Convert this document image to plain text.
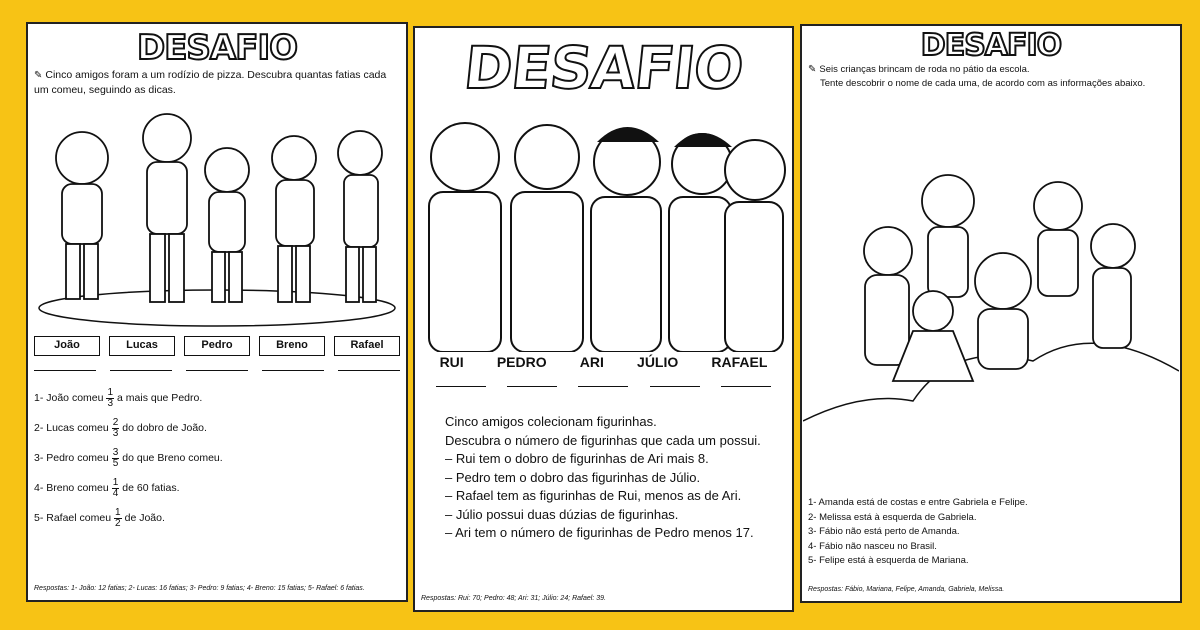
DESAFIO

✎ Cinco amigos foram a um rodízio de pizza. Descubra quantas fatias cada um comeu, seguindo as dicas.

João	Lucas	Pedro	Breno	Rafael
1- João comeu $\frac{1}{3}$ a mais que Pedro.
2- Lucas comeu $\frac{2}{3}$ do dobro de João.
3- Pedro comeu $\frac{3}{5}$ do que Breno comeu.
4- Breno comeu $\frac{1}{4}$ de 60 fatias.
5- Rafael comeu $\frac{1}{2}$ de João.
Respostas: 1- João: 12 fatias; 2- Lucas: 16 fatias; 3- Pedro: 9 fatias; 4- Breno: 15 fatias; 5- Rafael: 6 fatias.
DESAFIO
RUI PEDRO ARI JÚLIO RAFAEL
Cinco amigos colecionam figurinhas.
Descubra o número de figurinhas que cada um possui.
– Rui tem o dobro de figurinhas de Ari mais 8.
– Pedro tem o dobro das figurinhas de Júlio.
– Rafael tem as figurinhas de Rui, menos as de Ari.
– Júlio possui duas dúzias de figurinhas.
– Ari tem o número de figurinhas de Pedro menos 17.
Respostas: Rui: 70; Pedro: 48; Ari: 31; Júlio: 24; Rafael: 39.
DESAFIO
✎ Seis crianças brincam de roda no pátio da escola.
Tente descobrir o nome de cada uma, de acordo com as informações abaixo.
1- Amanda está de costas e entre Gabriela e Felipe.
2- Melissa está à esquerda de Gabriela.
3- Fábio não está perto de Amanda.
4- Fábio não nasceu no Brasil.
5- Felipe está à esquerda de Mariana.
Respostas: Fábio, Mariana, Felipe, Amanda, Gabriela, Melissa.
